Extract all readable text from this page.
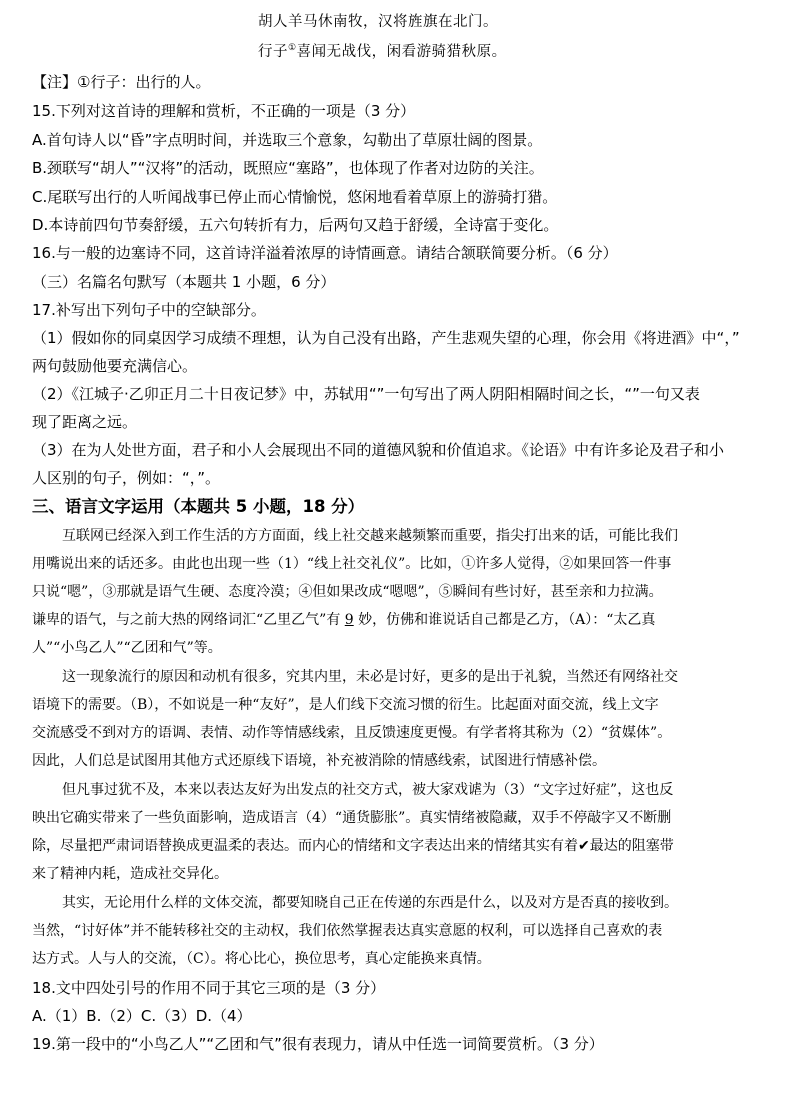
胡人羊马休南牧，汉将旌旗在北门。
行子①喜闻无战伐，闲看游骑猎秋原。
【注】①行子：出行的人。
15.下列对这首诗的理解和赏析，不正确的一项是（3 分）
A.首句诗人以“昏”字点明时间，并选取三个意象，勾勒出了草原壮阔的图景。
B.颈联写“胡人”“汉将”的活动，既照应“塞路”，也体现了作者对边防的关注。
C.尾联写出行的人听闻战事已停止而心情愉悦，悠闲地看着草原上的游骑打猎。
D.本诗前四句节奏舒缓，五六句转折有力，后两句又趋于舒缓，全诗富于变化。
16.与一般的边塞诗不同，这首诗洋溢着浓厚的诗情画意。请结合颔联简要分析。（6 分）
（三）名篇名句默写（本题共 1 小题，6 分）
17.补写出下列句子中的空缺部分。
（1）假如你的同桌因学习成绩不理想，认为自己没有出路，产生悲观失望的心理，你会用《将进酒》中“，”
两句鼓励他要充满信心。
（2）《江城子·乙卯正月二十日夜记梦》中，苏轼用“”一句写出了两人阴阳相隔时间之长，“”一句又表
现了距离之远。
（3）在为人处世方面，君子和小人会展现出不同的道德风貌和价值追求。《论语》中有许多论及君子和小
人区别的句子，例如：“，”。
三、语言文字运用（本题共 5 小题，18 分）
互联网已经深入到工作生活的方方面面，线上社交越来越频繁而重要，指尖打出来的话，可能比我们
用嘴说出来的话还多。由此也出现一些（1）“线上社交礼仪”。比如，①许多人觉得，②如果回答一件事
只说“嗯”，③那就是语气生硬、态度冷漠；④但如果改成“嗯嗯”，⑤瞬间有些讨好，甚至亲和力拉满。
谦卑的语气，与之前大热的网络词汇“乙里乙气”有 9 妙，仿佛和谁说话自己都是乙方，（A）：“太乙真
人”“小鸟乙人”“乙团和气”等。
这一现象流行的原因和动机有很多，究其内里，未必是讨好，更多的是出于礼貌，当然还有网络社交
语境下的需要。（B），不如说是一种“友好”，是人们线下交流习惯的衍生。比起面对面交流，线上文字
交流感受不到对方的语调、表情、动作等情感线索，且反馈速度更慢。有学者将其称为（2）“贫媒体”。
因此，人们总是试图用其他方式还原线下语境，补充被消除的情感线索，试图进行情感补偿。
但凡事过犹不及，本来以表达友好为出发点的社交方式，被大家戏谑为（3）“文字过好症”，这也反
映出它确实带来了一些负面影响，造成语言（4）“通货膨胀”。真实情绪被隐藏，双手不停敲字又不断删
除，尽量把严肃词语替换成更温柔的表达。而内心的情绪和文字表达出来的情绪其实有着✔最达的阻塞带
来了精神内耗，造成社交异化。
其实，无论用什么样的文体交流，都要知晓自己正在传递的东西是什么，以及对方是否真的接收到。
当然，“讨好体”并不能转移社交的主动权，我们依然掌握表达真实意愿的权利，可以选择自己喜欢的表
达方式。人与人的交流，（C）。将心比心，换位思考，真心定能换来真情。
18.文中四处引号的作用不同于其它三项的是（3 分）
A.（1）B.（2）C.（3）D.（4）
19.第一段中的“小鸟乙人”“乙团和气”很有表现力，请从中任选一词简要赏析。（3 分）
